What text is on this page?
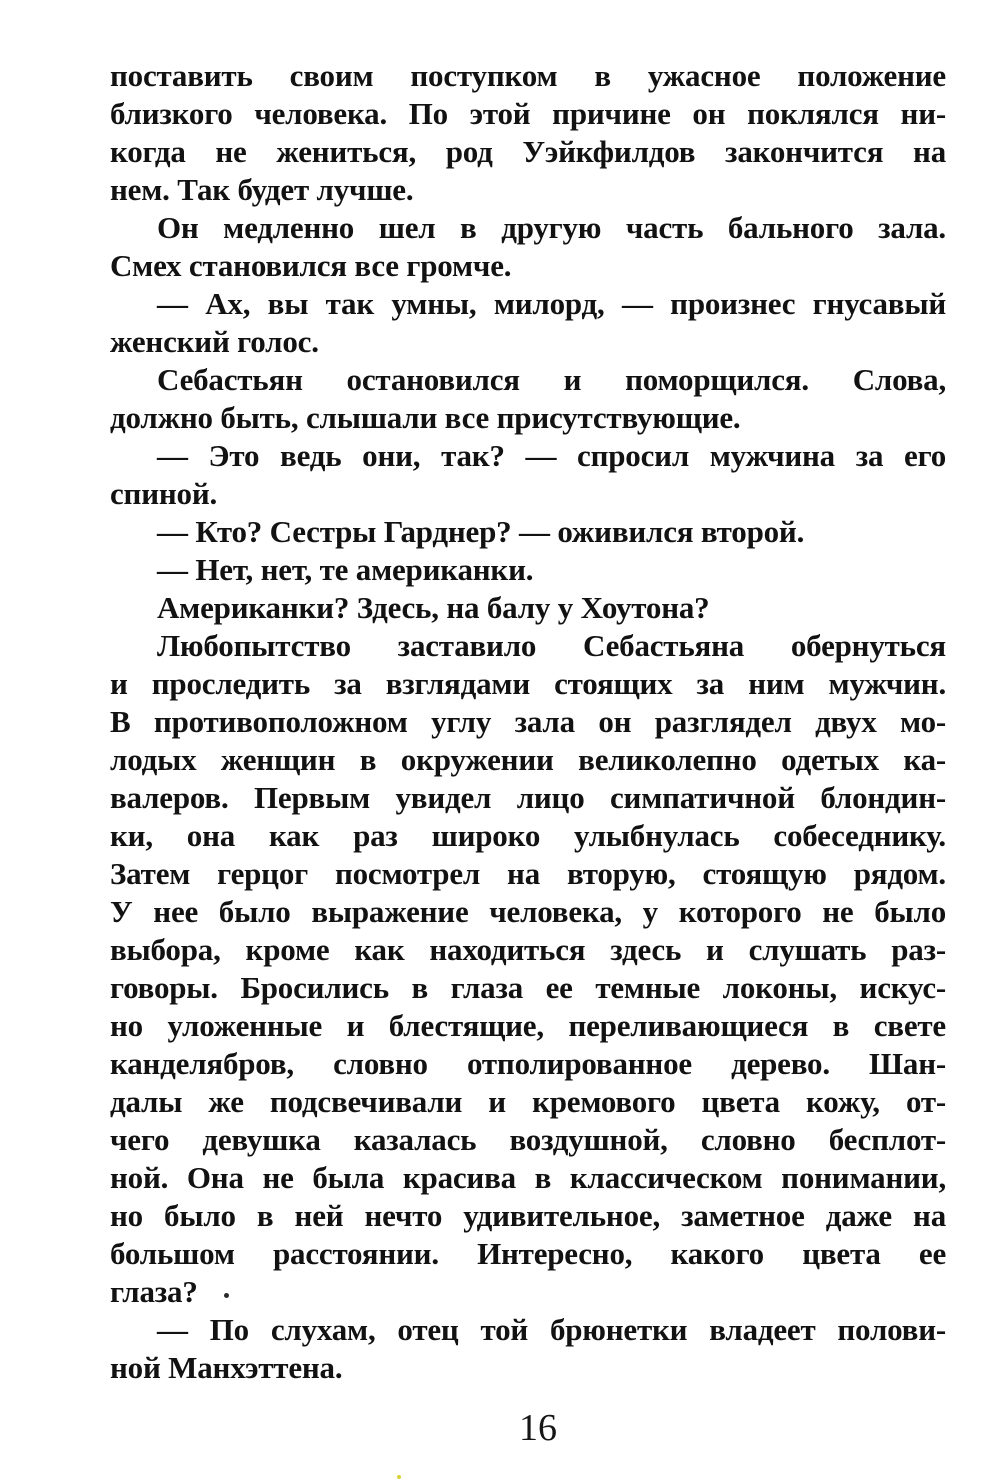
поставить своим поступком в ужасное положение
близкого человека. По этой причине он поклялся ни-
когда не жениться, род Уэйкфилдов закончится на
нем. Так будет лучше.
Он медленно шел в другую часть бального зала.
Смех становился все громче.
— Ах, вы так умны, милорд, — произнес гнусавый
женский голос.
Себастьян остановился и поморщился. Слова,
должно быть, слышали все присутствующие.
— Это ведь они, так? — спросил мужчина за его
спиной.
— Кто? Сестры Гарднер? — оживился второй.
— Нет, нет, те американки.
Американки? Здесь, на балу у Хоутона?
Любопытство заставило Себастьяна обернуться
и проследить за взглядами стоящих за ним мужчин.
В противоположном углу зала он разглядел двух мо-
лодых женщин в окружении великолепно одетых ка-
валеров. Первым увидел лицо симпатичной блондин-
ки, она как раз широко улыбнулась собеседнику.
Затем герцог посмотрел на вторую, стоящую рядом.
У нее было выражение человека, у которого не было
выбора, кроме как находиться здесь и слушать раз-
говоры. Бросились в глаза ее темные локоны, искус-
но уложенные и блестящие, переливающиеся в свете
канделябров, словно отполированное дерево. Шан-
далы же подсвечивали и кремового цвета кожу, от-
чего девушка казалась воздушной, словно бесплот-
ной. Она не была красива в классическом понимании,
но было в ней нечто удивительное, заметное даже на
большом расстоянии. Интересно, какого цвета ее
глаза?
— По слухам, отец той брюнетки владеет полови-
ной Манхэттена.
16
